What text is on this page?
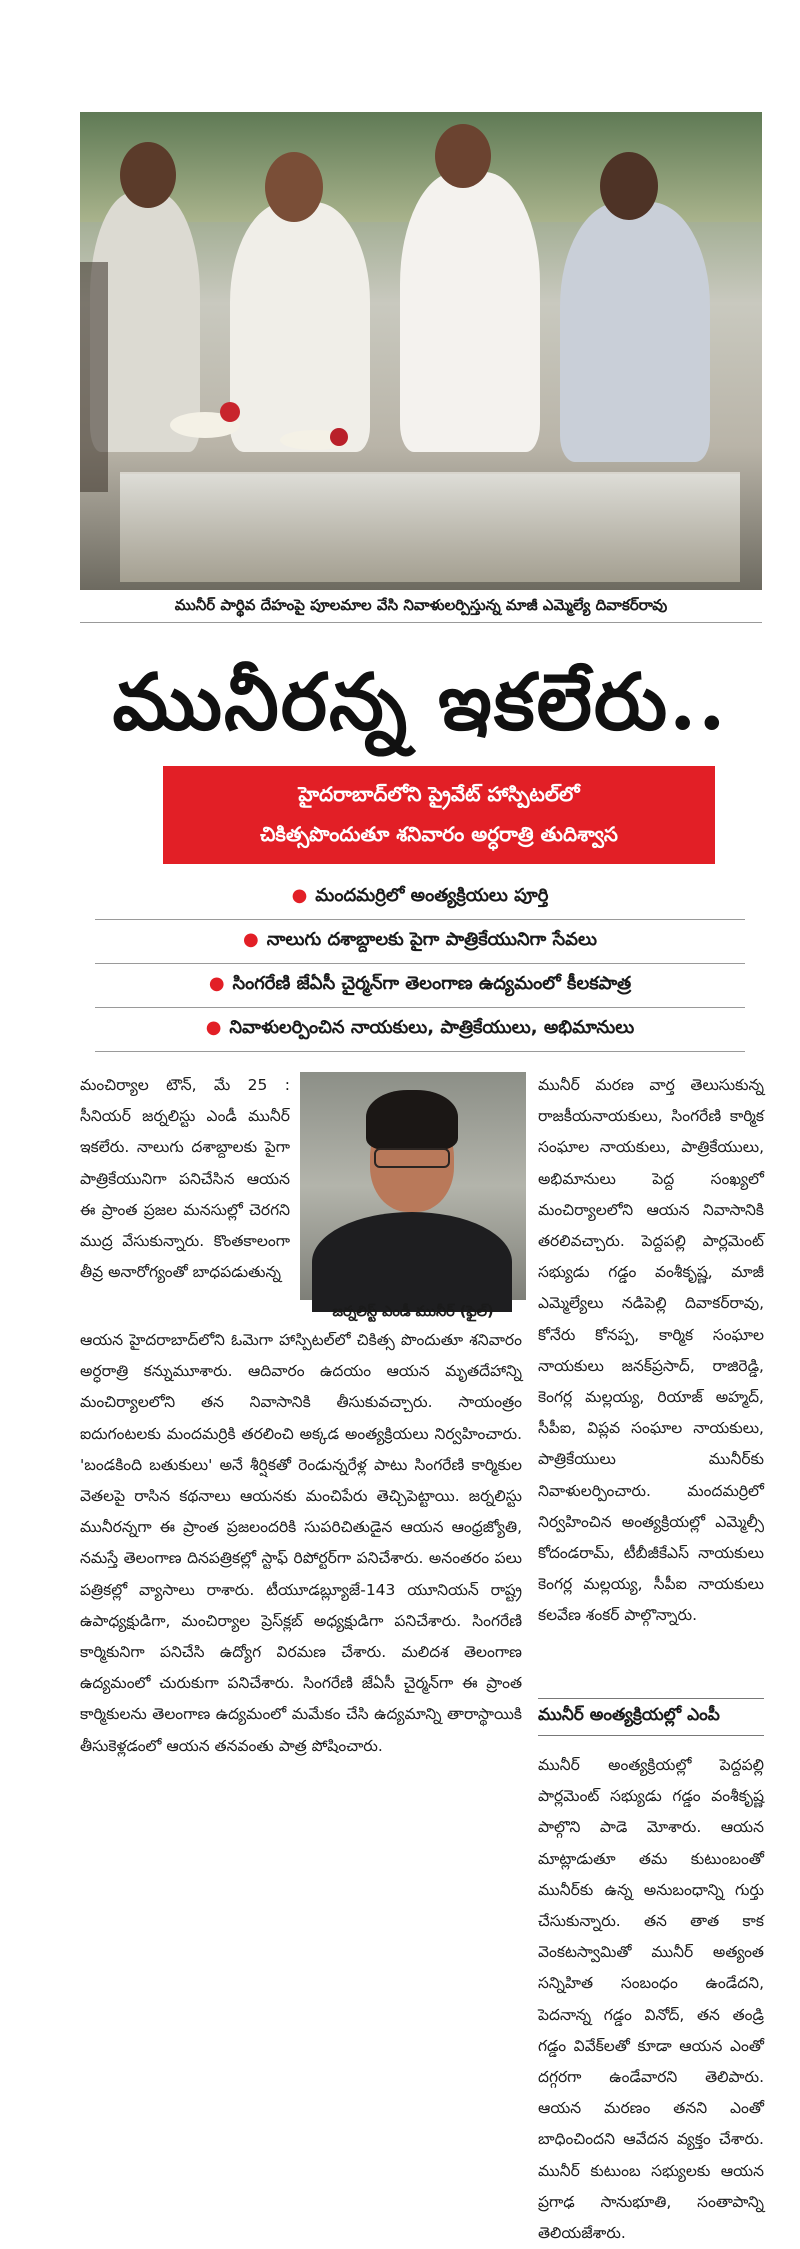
మునీర్ పార్థివ దేహంపై పూలమాల వేసి నివాళులర్పిస్తున్న మాజీ ఎమ్మెల్యే దివాకర్‌రావు
మునీరన్న ఇకలేరు..
హైదరాబాద్‌లోని ప్రైవేట్ హాస్పిటల్‌లో
చికిత్సపొందుతూ శనివారం అర్ధరాత్రి తుదిశ్వాస
● మందమర్రిలో అంత్యక్రియలు పూర్తి
● నాలుగు దశాబ్దాలకు పైగా పాత్రికేయునిగా సేవలు
● సింగరేణి జేఏసీ చైర్మన్‌గా తెలంగాణ ఉద్యమంలో కీలకపాత్ర
● నివాళులర్పించిన నాయకులు, పాత్రికేయులు, అభిమానులు

మంచిర్యాల టౌన్, మే 25 : సీనియర్ జర్నలిస్టు ఎండీ మునీర్ ఇకలేరు. నాలుగు దశాబ్దాలకు పైగా పాత్రికేయునిగా పనిచేసిన ఆయన ఈ ప్రాంత ప్రజల మనసుల్లో చెరగని ముద్ర వేసుకున్నారు. కొంతకాలంగా తీవ్ర అనారోగ్యంతో బాధపడుతున్న

జర్నలిస్ట్ ఎండీ మునీర్ (ఫైల్)

ఆయన హైదరాబాద్‌లోని ఓమెగా హాస్పిటల్‌లో చికిత్స పొందుతూ శనివారం అర్ధరాత్రి కన్నుమూశారు. ఆదివారం ఉదయం ఆయన మృతదేహాన్ని మంచిర్యాలలోని తన నివాసానికి తీసుకువచ్చారు. సాయంత్రం ఐదుగంటలకు మందమర్రికి తరలించి అక్కడ అంత్యక్రియలు నిర్వహించారు. 'బండకింది బతుకులు' అనే శీర్షికతో రెండున్నరేళ్ల పాటు సింగరేణి కార్మికుల వెతలపై రాసిన కథనాలు ఆయనకు మంచిపేరు తెచ్చిపెట్టాయి. జర్నలిస్టు మునీరన్నగా ఈ ప్రాంత ప్రజలందరికి సుపరిచితుడైన ఆయన ఆంధ్రజ్యోతి, నమస్తే తెలంగాణ దినపత్రికల్లో స్టాఫ్ రిపోర్టర్‌గా పనిచేశారు. అనంతరం పలు పత్రికల్లో వ్యాసాలు రాశారు. టీయూడబ్ల్యూజే-143 యూనియన్ రాష్ట్ర ఉపాధ్యక్షుడిగా, మంచిర్యాల ప్రెస్‌క్లబ్ అధ్యక్షుడిగా పనిచేశారు. సింగరేణి కార్మికునిగా పనిచేసి ఉద్యోగ విరమణ చేశారు. మలిదశ తెలంగాణ ఉద్యమంలో చురుకుగా పనిచేశారు. సింగరేణి జేఏసీ చైర్మన్‌గా ఈ ప్రాంత కార్మికులను తెలంగాణ ఉద్యమంలో మమేకం చేసి ఉద్యమాన్ని తారాస్థాయికి తీసుకెళ్లడంలో ఆయన తనవంతు పాత్ర పోషించారు.

మునీర్ మరణ వార్త తెలుసుకున్న రాజకీయనాయకులు, సింగరేణి కార్మిక సంఘాల నాయకులు, పాత్రికేయులు, అభిమానులు పెద్ద సంఖ్యలో మంచిర్యాలలోని ఆయన నివాసానికి తరలివచ్చారు. పెద్దపల్లి పార్లమెంట్ సభ్యుడు గడ్డం వంశీకృష్ణ, మాజీ ఎమ్మెల్యేలు నడిపెల్లి దివాకర్‌రావు, కోనేరు కోనప్ప, కార్మిక సంఘాల నాయకులు జనక్‌ప్రసాద్, రాజిరెడ్డి, కెంగర్ల మల్లయ్య, రియాజ్ అహ్మద్, సీపీఐ, విప్లవ సంఘాల నాయకులు, పాత్రికేయులు మునీర్‌కు నివాళులర్పించారు. మందమర్రిలో నిర్వహించిన అంత్యక్రియల్లో ఎమ్మెల్సీ కోదండరామ్, టీబీజీకేఎస్ నాయకులు కెంగర్ల మల్లయ్య, సీపీఐ నాయకులు కలవేణ శంకర్ పాల్గొన్నారు.

మునీర్ అంత్యక్రియల్లో ఎంపీ

మునీర్ అంత్యక్రియల్లో పెద్దపల్లి పార్లమెంట్ సభ్యుడు గడ్డం వంశీకృష్ణ పాల్గొని పాడె మోశారు. ఆయన మాట్లాడుతూ తమ కుటుంబంతో మునీర్‌కు ఉన్న అనుబంధాన్ని గుర్తు చేసుకున్నారు. తన తాత కాక వెంకటస్వామితో మునీర్ అత్యంత సన్నిహిత సంబంధం ఉండేదని, పెదనాన్న గడ్డం వినోద్, తన తండ్రి గడ్డం వివేక్‌లతో కూడా ఆయన ఎంతో దగ్గరగా ఉండేవారని తెలిపారు. ఆయన మరణం తనని ఎంతో బాధించిందని ఆవేదన వ్యక్తం చేశారు. మునీర్ కుటుంబ సభ్యులకు ఆయన ప్రగాఢ సానుభూతి, సంతాపాన్ని తెలియజేశారు.
